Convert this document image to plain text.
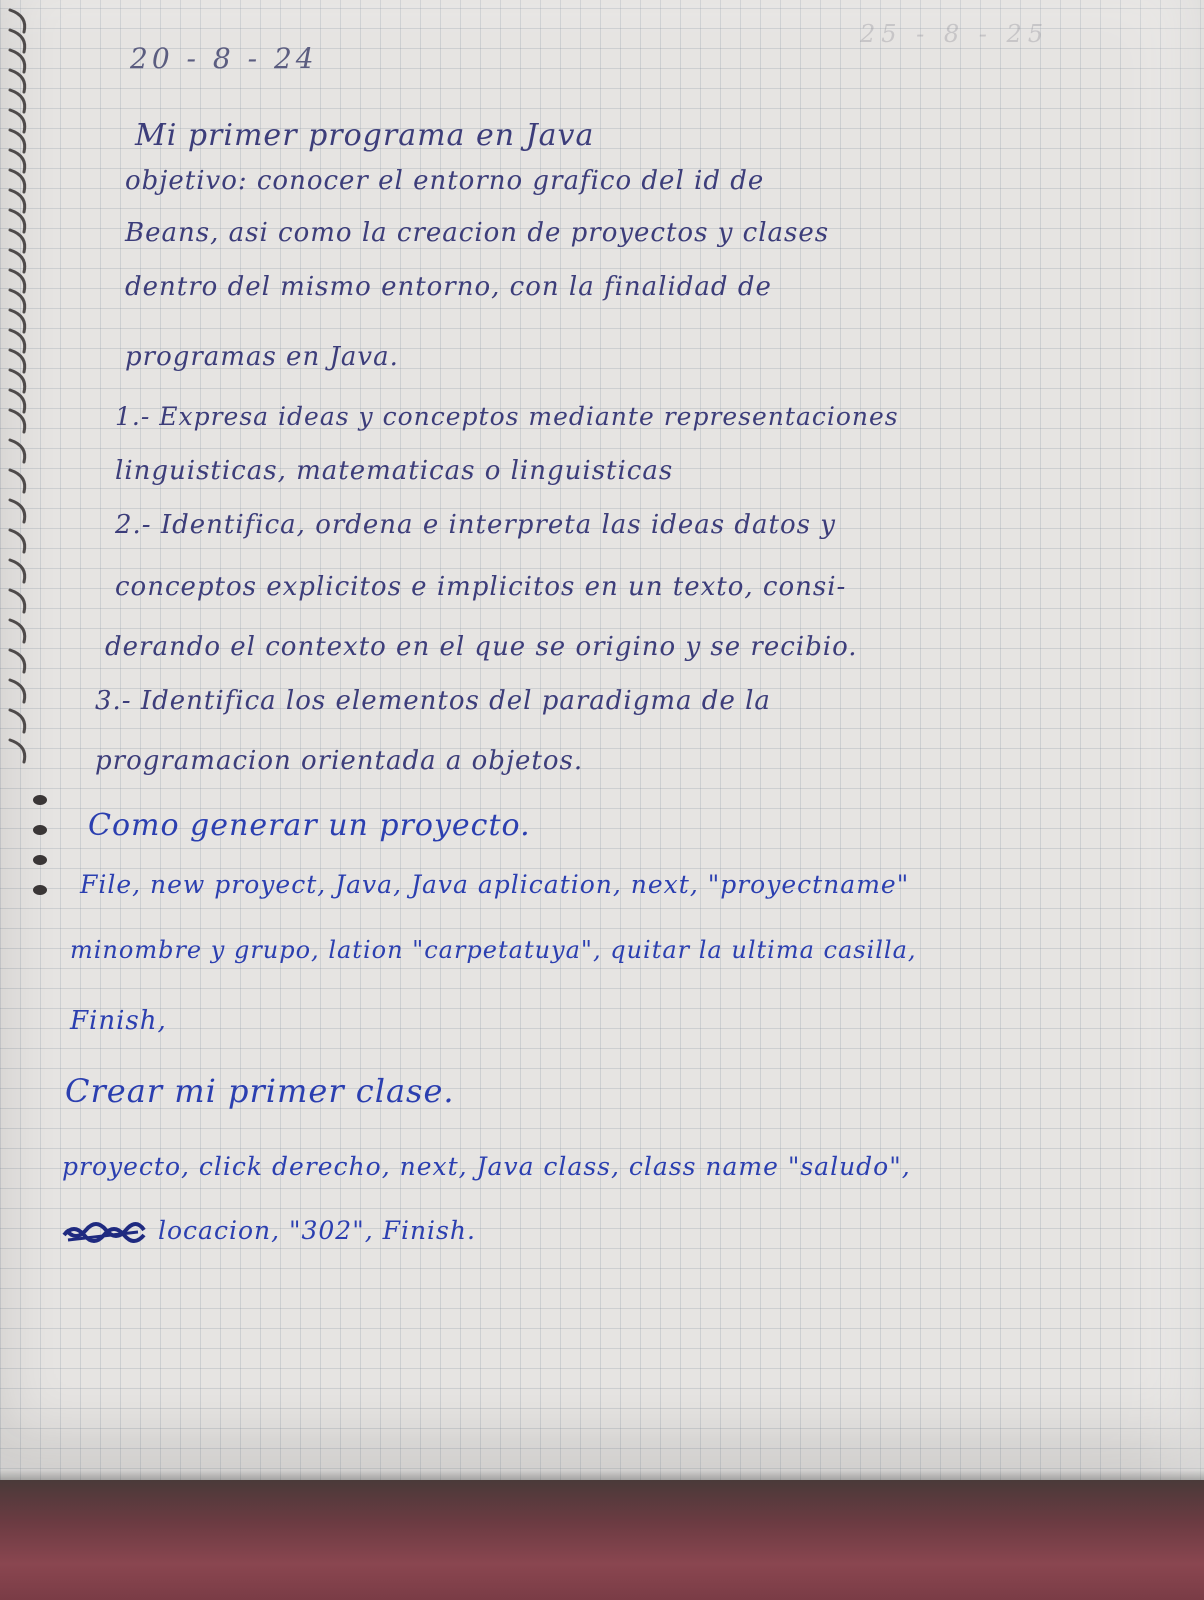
25 - 8 - 25
20 - 8 - 24
Mi primer programa en Java
objetivo: conocer el entorno grafico del id de
Beans, asi como la creacion de proyectos y clases
dentro del mismo entorno, con la finalidad de
programas en Java.
1.- Expresa ideas y conceptos mediante representaciones
linguisticas, matematicas o linguisticas
2.- Identifica, ordena e interpreta las ideas datos y
conceptos explicitos e implicitos en un texto, consi-
derando el contexto en el que se origino y se recibio.
3.- Identifica los elementos del paradigma de la
programacion orientada a objetos.
Como generar un proyecto.
File, new proyect, Java, Java aplication, next, "proyectname"
minombre y grupo, lation "carpetatuya", quitar la ultima casilla,
Finish,
Crear mi primer clase.
proyecto, click derecho, next, Java class, class name "saludo",
locacion, "302", Finish.
